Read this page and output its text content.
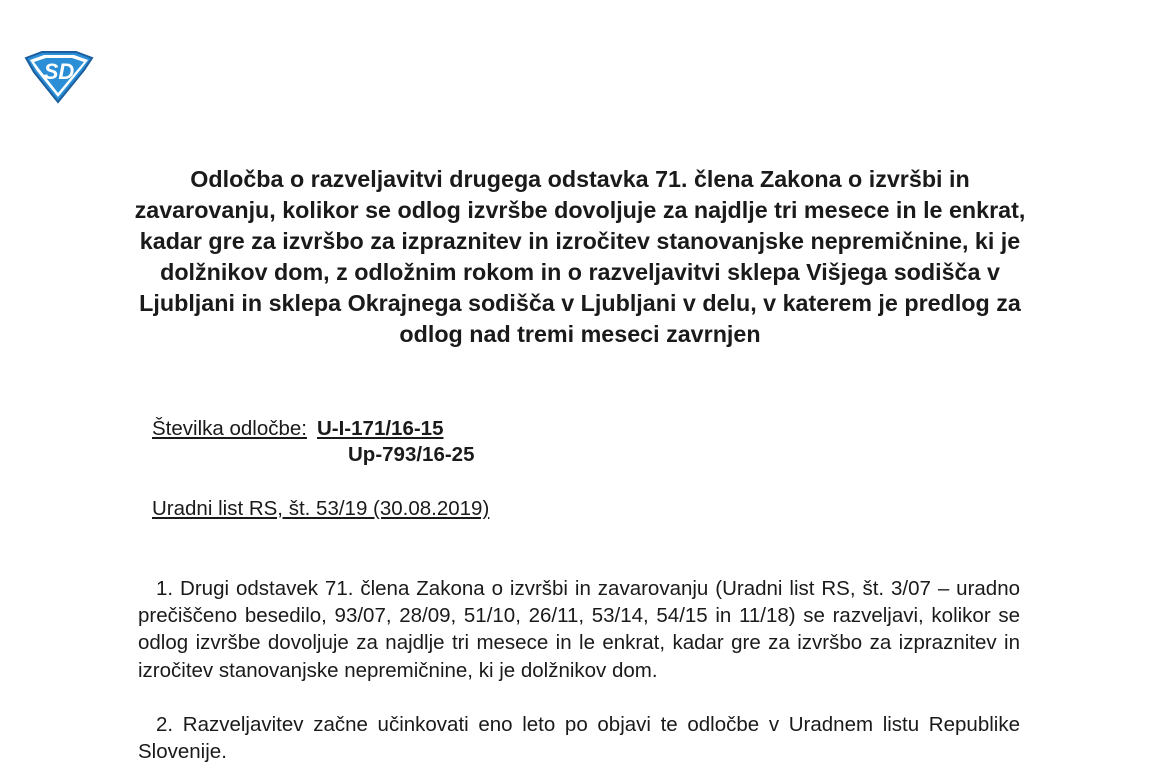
SD
Odločba o razveljavitvi drugega odstavka 71. člena Zakona o izvršbi in zavarovanju, kolikor se odlog izvršbe dovoljuje za najdlje tri mesece in le enkrat, kadar gre za izvršbo za izpraznitev in izročitev stanovanjske nepremičnine, ki je dolžnikov dom, z odložnim rokom in o razveljavitvi sklepa Višjega sodišča v Ljubljani in sklepa Okrajnega sodišča v Ljubljani v delu, v katerem je predlog za odlog nad tremi meseci zavrnjen
Številka odločbe: U-I-171/16-15
Up-793/16-25
Uradni list RS, št. 53/19 (30.08.2019)

1. Drugi odstavek 71. člena Zakona o izvršbi in zavarovanju (Uradni list RS, št. 3/07 – uradno prečiščeno besedilo, 93/07, 28/09, 51/10, 26/11, 53/14, 54/15 in 11/18) se razveljavi, kolikor se odlog izvršbe dovoljuje za najdlje tri mesece in le enkrat, kadar gre za izvršbo za izpraznitev in izročitev stanovanjske nepremičnine, ki je dolžnikov dom.

2. Razveljavitev začne učinkovati eno leto po objavi te odločbe v Uradnem listu Republike Slovenije.
